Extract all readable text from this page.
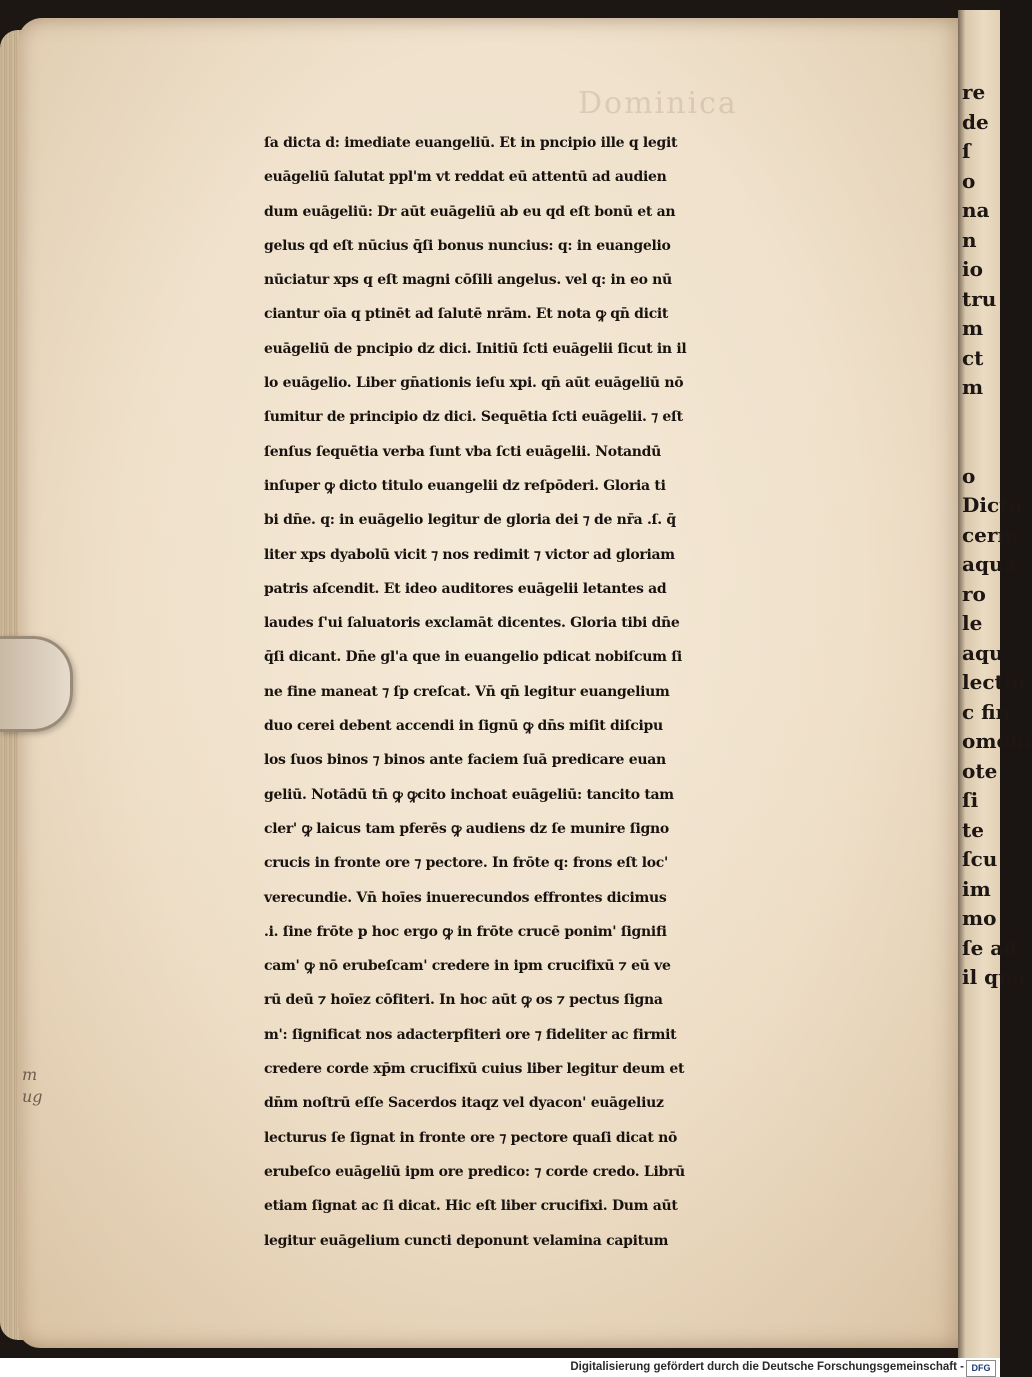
re
de
ſ
o
na
n
io
tru
m
ct
m
o
Dicto
cerm
aqua
ro
le
aqu
lectio
c fin
omoni
ote
ſi
te
ſcu
im
mo
ſe ad
il qua
Dominica
ſa dicta d: imediate euangeliū. Et in pncipio ille q legit
euāgeliū ſalutat ppl'm vt reddat eū attentū ad audien
dum euāgeliū: Dr aūt euāgeliū ab eu qd eſt bonū et an
gelus qd eſt nūcius q̄ſi bonus nuncius: q: in euangelio
nūciatur xps q eſt magni cōſili angelus. vel q: in eo nū
ciantur oīa q ptinēt ad ſalutē nrām. Et nota ꝙ qn̄ dicit
euāgeliū de pncipio dz dici. Initiū ſcti euāgelii ſicut in il
lo euāgelio. Liber gn̄ationis ieſu xpi. qn̄ aūt euāgeliū nō
ſumitur de principio dz dici. Sequētia ſcti euāgelii. ⁊ eſt
ſenſus ſequētia verba ſunt vba ſcti euāgelii. Notandū
inſuper ꝙ dicto titulo euangelii dz reſpōderi. Gloria ti
bi dn̄e. q: in euāgelio legitur de gloria dei ⁊ de nr̄a .ſ. q̄
liter xps dyabolū vicit ⁊ nos redimit ⁊ victor ad gloriam
patris aſcendit. Et ideo auditores euāgelii letantes ad
laudes ſ'ui ſaluatoris exclamāt dicentes. Gloria tibi dn̄e
q̄ſi dicant. Dn̄e gl'a que in euangelio pdicat nobiſcum ſi
ne fine maneat ⁊ ſp creſcat. Vn̄ qn̄ legitur euangelium
duo cerei debent accendi in ſignū ꝙ dn̄s miſit diſcipu
los ſuos binos ⁊ binos ante faciem ſuā predicare euan
geliū. Notādū tn̄ ꝙ ꝙcito inchoat euāgeliū: tancito tam
cler' ꝙ laicus tam pferēs ꝙ audiens dz ſe munire ſigno
crucis in fronte ore ⁊ pectore. In frōte q: frons eſt loc'
verecundie. Vn̄ hoīes inuerecundos effrontes dicimus
.i. ſine frōte p hoc ergo ꝙ in frōte crucē ponim' ſignifi
cam' ꝙ nō erubeſcam' credere in ipm crucifixū ⁊ eū ve
rū deū ⁊ hoīez cōfiteri. In hoc aūt ꝙ os ⁊ pectus ſigna
m': ſignificat nos adacterpfiteri ore ⁊ fideliter ac firmit
credere corde xp̄m crucifixū cuius liber legitur deum et
dn̄m noſtrū eſſe Sacerdos itaqz vel dyacon' euāgeliuz
lecturus ſe ſignat in fronte ore ⁊ pectore quaſi dicat nō
erubeſco euāgeliū ipm ore predico: ⁊ corde credo. Librū
etiam ſignat ac ſi dicat. Hic eſt liber crucifixi. Dum aūt
legitur euāgelium cuncti deponunt velamina capitum
m
ug
Digitalisierung gefördert durch die Deutsche Forschungsgemeinschaft - DFG
